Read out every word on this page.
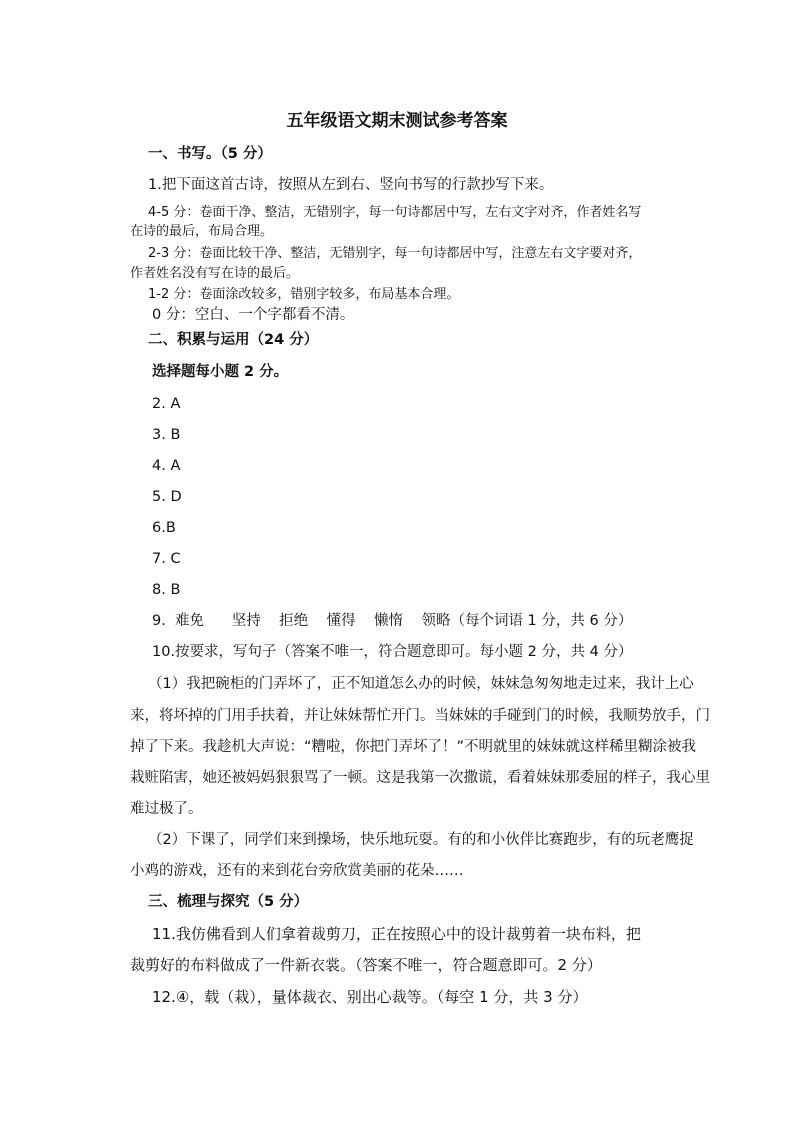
五年级语文期末测试参考答案
一、书写。（5 分）
1.把下面这首古诗，按照从左到右、竖向书写的行款抄写下来。
4-5 分：卷面干净、整洁，无错别字，每一句诗都居中写，左右文字对齐，作者姓名写
在诗的最后，布局合理。
2-3 分：卷面比较干净、整洁，无错别字，每一句诗都居中写，注意左右文字要对齐，
作者姓名没有写在诗的最后。
1-2 分：卷面涂改较多，错别字较多，布局基本合理。
0 分：空白、一个字都看不清。
二、积累与运用（24 分）
选择题每小题 2 分。
2. A
3. B
4. A
5. D
6.B
7. C
8. B
9.  难免      坚持    拒绝    懂得    懒惰    领略（每个词语 1 分，共 6 分）
10.按要求，写句子（答案不唯一，符合题意即可。每小题 2 分，共 4 分）
（1）我把碗柜的门弄坏了，正不知道怎么办的时候，妹妹急匆匆地走过来，我计上心
来，将坏掉的门用手扶着，并让妹妹帮忙开门。当妹妹的手碰到门的时候，我顺势放手，门
掉了下来。我趁机大声说：“糟啦，你把门弄坏了！”不明就里的妹妹就这样稀里糊涂被我
栽赃陷害，她还被妈妈狠狠骂了一顿。这是我第一次撒谎，看着妹妹那委屈的样子，我心里
难过极了。
（2）下课了，同学们来到操场，快乐地玩耍。有的和小伙伴比赛跑步，有的玩老鹰捉
小鸡的游戏，还有的来到花台旁欣赏美丽的花朵……
三、梳理与探究（5 分）
11.我仿佛看到人们拿着裁剪刀，正在按照心中的设计裁剪着一块布料，把
裁剪好的布料做成了一件新衣裳。（答案不唯一，符合题意即可。2 分）
12.④，载（栽），量体裁衣、别出心裁等。（每空 1 分，共 3 分）
